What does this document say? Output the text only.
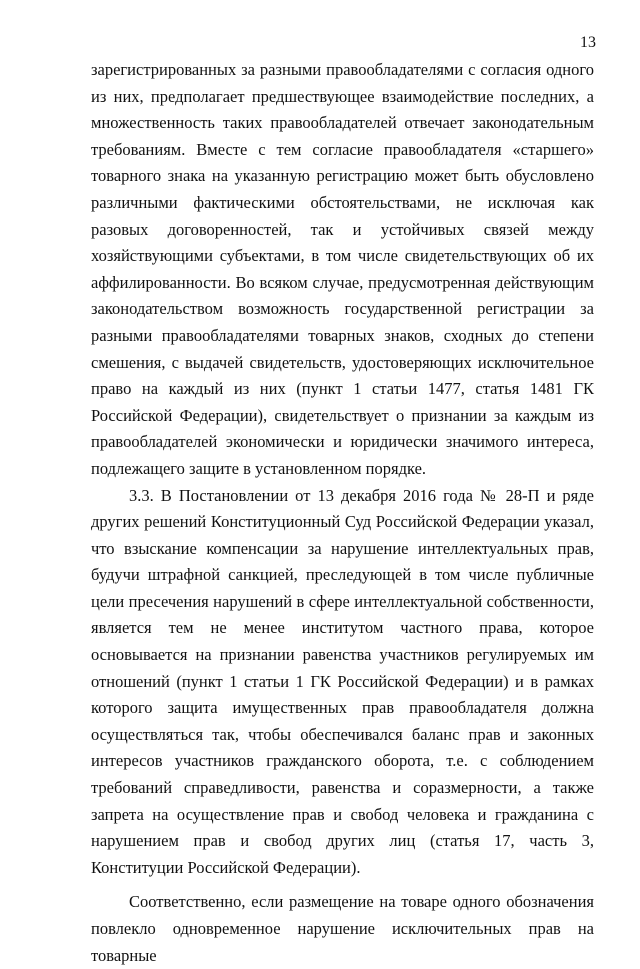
13

зарегистрированных за разными правообладателями с согласия одного из них, предполагает предшествующее взаимодействие последних, а множественность таких правообладателей отвечает законодательным требованиям. Вместе с тем согласие правообладателя «старшего» товарного знака на указанную регистрацию может быть обусловлено различными фактическими обстоятельствами, не исключая как разовых договоренностей, так и устойчивых связей между хозяйствующими субъектами, в том числе свидетельствующих об их аффилированности. Во всяком случае, предусмотренная действующим законодательством возможность государственной регистрации за разными правообладателями товарных знаков, сходных до степени смешения, с выдачей свидетельств, удостоверяющих исключительное право на каждый из них (пункт 1 статьи 1477, статья 1481 ГК Российской Федерации), свидетельствует о признании за каждым из правообладателей экономически и юридически значимого интереса, подлежащего защите в установленном порядке.

3.3. В Постановлении от 13 декабря 2016 года № 28-П и ряде других решений Конституционный Суд Российской Федерации указал, что взыскание компенсации за нарушение интеллектуальных прав, будучи штрафной санкцией, преследующей в том числе публичные цели пресечения нарушений в сфере интеллектуальной собственности, является тем не менее институтом частного права, которое основывается на признании равенства участников регулируемых им отношений (пункт 1 статьи 1 ГК Российской Федерации) и в рамках которого защита имущественных прав правообладателя должна осуществляться так, чтобы обеспечивался баланс прав и законных интересов участников гражданского оборота, т.е. с соблюдением требований справедливости, равенства и соразмерности, а также запрета на осуществление прав и свобод человека и гражданина с нарушением прав и свобод других лиц (статья 17, часть 3, Конституции Российской Федерации).

Соответственно, если размещение на товаре одного обозначения повлекло одновременное нарушение исключительных прав на товарные
